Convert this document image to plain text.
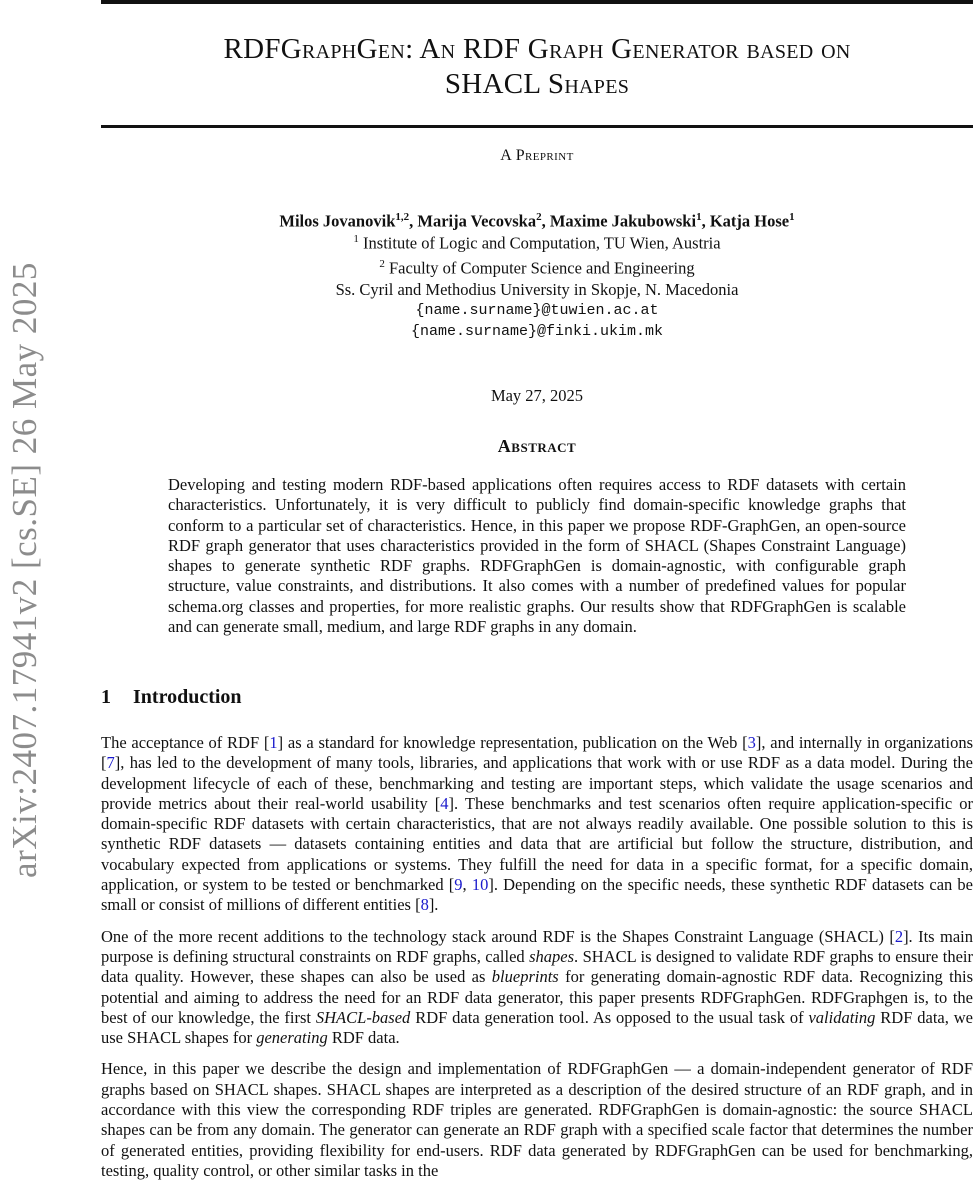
arXiv:2407.17941v2 [cs.SE] 26 May 2025
RDFGraphGen: An RDF Graph Generator based on
SHACL Shapes
A Preprint
Milos Jovanovik$^{1,2}$, Marija Vecovska$^2$, Maxime Jakubowski$^1$, Katja Hose$^1$
$^1$ Institute of Logic and Computation, TU Wien, Austria
$^2$ Faculty of Computer Science and Engineering
Ss. Cyril and Methodius University in Skopje, N. Macedonia
{name.surname}@tuwien.ac.at
{name.surname}@finki.ukim.mk
May 27, 2025
Abstract

Developing and testing modern RDF-based applications often requires access to RDF datasets with certain characteristics. Unfortunately, it is very difficult to publicly find domain-specific knowledge graphs that conform to a particular set of characteristics. Hence, in this paper we propose RDF-GraphGen, an open-source RDF graph generator that uses characteristics provided in the form of SHACL (Shapes Constraint Language) shapes to generate synthetic RDF graphs. RDFGraphGen is domain-agnostic, with configurable graph structure, value constraints, and distributions. It also comes with a number of predefined values for popular schema.org classes and properties, for more realistic graphs. Our results show that RDFGraphGen is scalable and can generate small, medium, and large RDF graphs in any domain.

1 Introduction

The acceptance of RDF [1] as a standard for knowledge representation, publication on the Web [3], and internally in organizations [7], has led to the development of many tools, libraries, and applications that work with or use RDF as a data model. During the development lifecycle of each of these, benchmarking and testing are important steps, which validate the usage scenarios and provide metrics about their real-world usability [4]. These benchmarks and test scenarios often require application-specific or domain-specific RDF datasets with certain characteristics, that are not always readily available. One possible solution to this is synthetic RDF datasets — datasets containing entities and data that are artificial but follow the structure, distribution, and vocabulary expected from applications or systems. They fulfill the need for data in a specific format, for a specific domain, application, or system to be tested or benchmarked [9, 10]. Depending on the specific needs, these synthetic RDF datasets can be small or consist of millions of different entities [8].

One of the more recent additions to the technology stack around RDF is the Shapes Constraint Language (SHACL) [2]. Its main purpose is defining structural constraints on RDF graphs, called shapes. SHACL is designed to validate RDF graphs to ensure their data quality. However, these shapes can also be used as blueprints for generating domain-agnostic RDF data. Recognizing this potential and aiming to address the need for an RDF data generator, this paper presents RDFGraphGen. RDFGraphgen is, to the best of our knowledge, the first SHACL-based RDF data generation tool. As opposed to the usual task of validating RDF data, we use SHACL shapes for generating RDF data.

Hence, in this paper we describe the design and implementation of RDFGraphGen — a domain-independent generator of RDF graphs based on SHACL shapes. SHACL shapes are interpreted as a description of the desired structure of an RDF graph, and in accordance with this view the corresponding RDF triples are generated. RDFGraphGen is domain-agnostic: the source SHACL shapes can be from any domain. The generator can generate an RDF graph with a specified scale factor that determines the number of generated entities, providing flexibility for end-users. RDF data generated by RDFGraphGen can be used for benchmarking, testing, quality control, or other similar tasks in the
